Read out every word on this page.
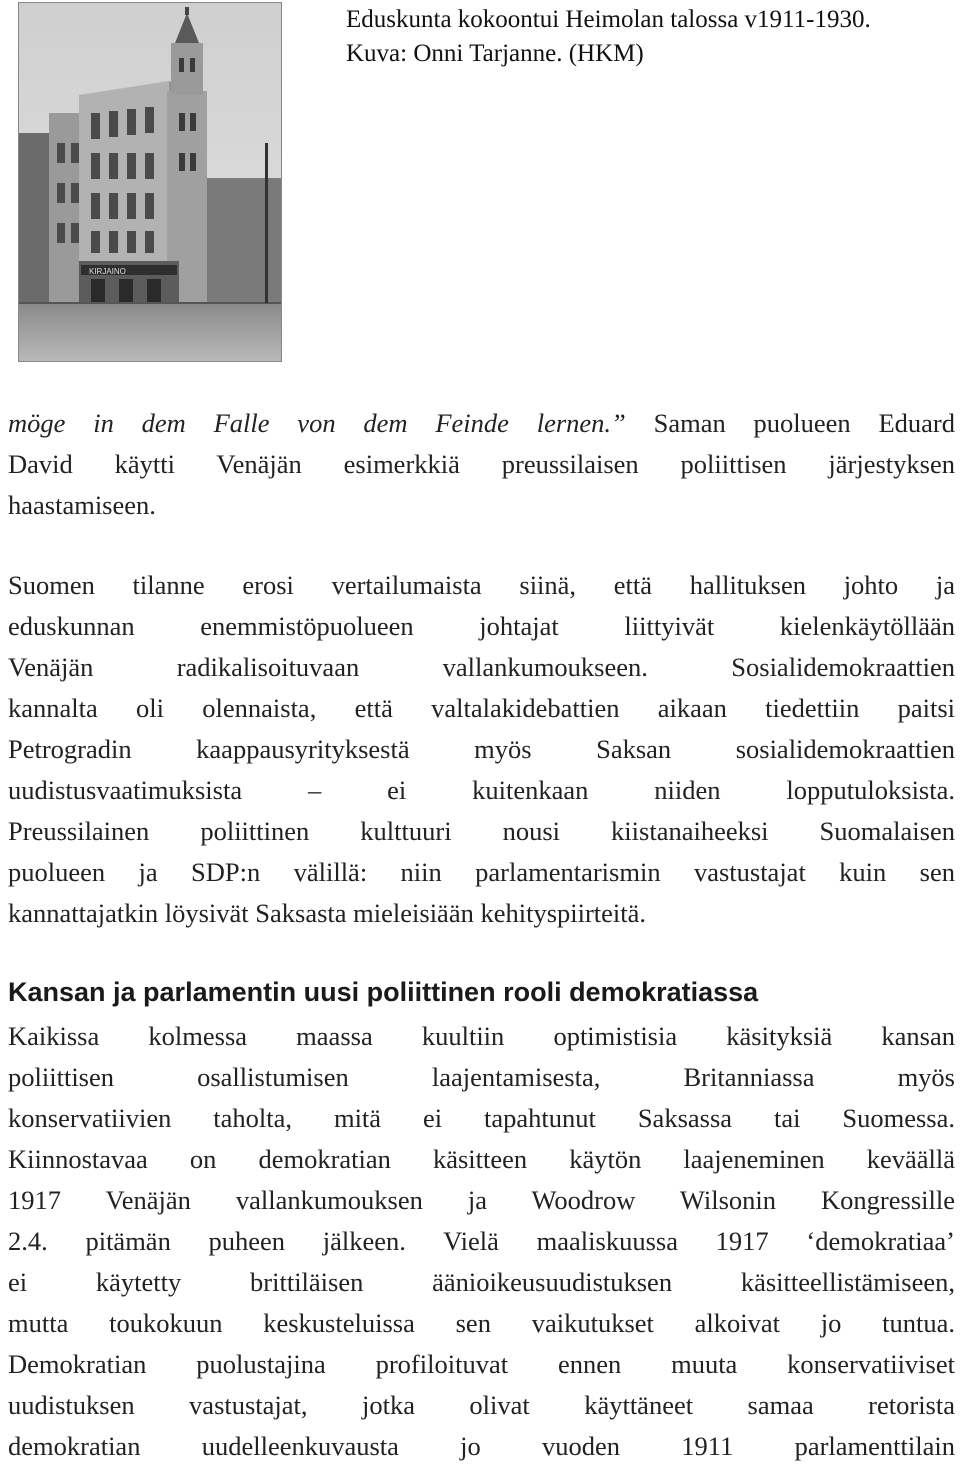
KIRJAINO
Eduskunta kokoontui Heimolan talossa v1911-1930.
Kuva: Onni Tarjanne. (HKM)
möge in dem Falle von dem Feinde lernen.” Saman puolueen Eduard
David käytti Venäjän esimerkkiä preussilaisen poliittisen järjestyksen
haastamiseen.
Suomen tilanne erosi vertailumaista siinä, että hallituksen johto ja
eduskunnan enemmistöpuolueen johtajat liittyivät kielenkäytöllään
Venäjän radikalisoituvaan vallankumoukseen. Sosialidemokraattien
kannalta oli olennaista, että valtalakidebattien aikaan tiedettiin paitsi
Petrogradin kaappausyrityksestä myös Saksan sosialidemokraattien
uudistusvaatimuksista – ei kuitenkaan niiden lopputuloksista.
Preussilainen poliittinen kulttuuri nousi kiistanaiheeksi Suomalaisen
puolueen ja SDP:n välillä: niin parlamentarismin vastustajat kuin sen
kannattajatkin löysivät Saksasta mieleisiään kehityspiirteitä.
Kansan ja parlamentin uusi poliittinen rooli demokratiassa
Kaikissa kolmessa maassa kuultiin optimistisia käsityksiä kansan
poliittisen osallistumisen laajentamisesta, Britanniassa myös
konservatiivien taholta, mitä ei tapahtunut Saksassa tai Suomessa.
Kiinnostavaa on demokratian käsitteen käytön laajeneminen keväällä
1917 Venäjän vallankumouksen ja Woodrow Wilsonin Kongressille
2.4. pitämän puheen jälkeen. Vielä maaliskuussa 1917 ‘demokratiaa’
ei käytetty brittiläisen äänioikeusuudistuksen käsitteellistämiseen,
mutta toukokuun keskusteluissa sen vaikutukset alkoivat jo tuntua.
Demokratian puolustajina profiloituvat ennen muuta konservatiiviset
uudistuksen vastustajat, jotka olivat käyttäneet samaa retorista
demokratian uudelleenkuvausta jo vuoden 1911 parlamenttilain
